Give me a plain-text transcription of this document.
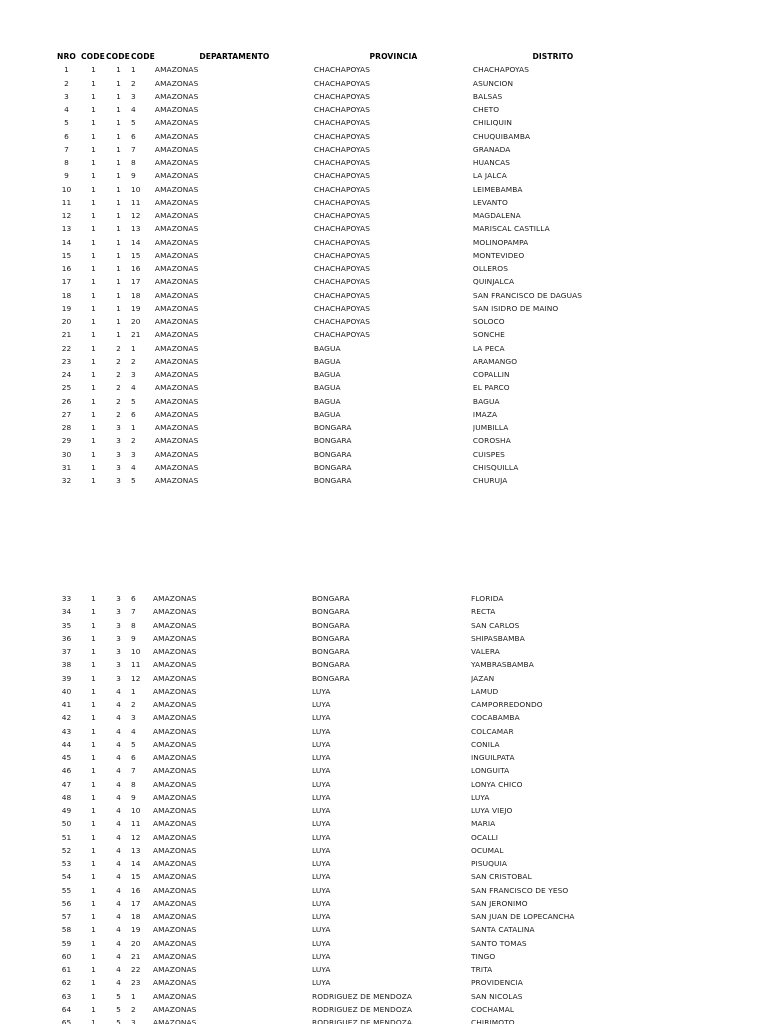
NRO	CODE	CODE	CODE	DEPARTAMENTO	PROVINCIA	DISTRITO
1	1	1	1	AMAZONAS	CHACHAPOYAS	CHACHAPOYAS
2	1	1	2	AMAZONAS	CHACHAPOYAS	ASUNCION
3	1	1	3	AMAZONAS	CHACHAPOYAS	BALSAS
4	1	1	4	AMAZONAS	CHACHAPOYAS	CHETO
5	1	1	5	AMAZONAS	CHACHAPOYAS	CHILIQUIN
6	1	1	6	AMAZONAS	CHACHAPOYAS	CHUQUIBAMBA
7	1	1	7	AMAZONAS	CHACHAPOYAS	GRANADA
8	1	1	8	AMAZONAS	CHACHAPOYAS	HUANCAS
9	1	1	9	AMAZONAS	CHACHAPOYAS	LA JALCA
10	1	1	10	AMAZONAS	CHACHAPOYAS	LEIMEBAMBA
11	1	1	11	AMAZONAS	CHACHAPOYAS	LEVANTO
12	1	1	12	AMAZONAS	CHACHAPOYAS	MAGDALENA
13	1	1	13	AMAZONAS	CHACHAPOYAS	MARISCAL CASTILLA
14	1	1	14	AMAZONAS	CHACHAPOYAS	MOLINOPAMPA
15	1	1	15	AMAZONAS	CHACHAPOYAS	MONTEVIDEO
16	1	1	16	AMAZONAS	CHACHAPOYAS	OLLEROS
17	1	1	17	AMAZONAS	CHACHAPOYAS	QUINJALCA
18	1	1	18	AMAZONAS	CHACHAPOYAS	SAN FRANCISCO DE DAGUAS
19	1	1	19	AMAZONAS	CHACHAPOYAS	SAN ISIDRO DE MAINO
20	1	1	20	AMAZONAS	CHACHAPOYAS	SOLOCO
21	1	1	21	AMAZONAS	CHACHAPOYAS	SONCHE
22	1	2	1	AMAZONAS	BAGUA	LA PECA
23	1	2	2	AMAZONAS	BAGUA	ARAMANGO
24	1	2	3	AMAZONAS	BAGUA	COPALLIN
25	1	2	4	AMAZONAS	BAGUA	EL PARCO
26	1	2	5	AMAZONAS	BAGUA	BAGUA
27	1	2	6	AMAZONAS	BAGUA	IMAZA
28	1	3	1	AMAZONAS	BONGARA	JUMBILLA
29	1	3	2	AMAZONAS	BONGARA	COROSHA
30	1	3	3	AMAZONAS	BONGARA	CUISPES
31	1	3	4	AMAZONAS	BONGARA	CHISQUILLA
32	1	3	5	AMAZONAS	BONGARA	CHURUJA
33	1	3	6	AMAZONAS	BONGARA	FLORIDA
34	1	3	7	AMAZONAS	BONGARA	RECTA
35	1	3	8	AMAZONAS	BONGARA	SAN CARLOS
36	1	3	9	AMAZONAS	BONGARA	SHIPASBAMBA
37	1	3	10	AMAZONAS	BONGARA	VALERA
38	1	3	11	AMAZONAS	BONGARA	YAMBRASBAMBA
39	1	3	12	AMAZONAS	BONGARA	JAZAN
40	1	4	1	AMAZONAS	LUYA	LAMUD
41	1	4	2	AMAZONAS	LUYA	CAMPORREDONDO
42	1	4	3	AMAZONAS	LUYA	COCABAMBA
43	1	4	4	AMAZONAS	LUYA	COLCAMAR
44	1	4	5	AMAZONAS	LUYA	CONILA
45	1	4	6	AMAZONAS	LUYA	INGUILPATA
46	1	4	7	AMAZONAS	LUYA	LONGUITA
47	1	4	8	AMAZONAS	LUYA	LONYA CHICO
48	1	4	9	AMAZONAS	LUYA	LUYA
49	1	4	10	AMAZONAS	LUYA	LUYA VIEJO
50	1	4	11	AMAZONAS	LUYA	MARIA
51	1	4	12	AMAZONAS	LUYA	OCALLI
52	1	4	13	AMAZONAS	LUYA	OCUMAL
53	1	4	14	AMAZONAS	LUYA	PISUQUIA
54	1	4	15	AMAZONAS	LUYA	SAN CRISTOBAL
55	1	4	16	AMAZONAS	LUYA	SAN FRANCISCO DE YESO
56	1	4	17	AMAZONAS	LUYA	SAN JERONIMO
57	1	4	18	AMAZONAS	LUYA	SAN JUAN DE LOPECANCHA
58	1	4	19	AMAZONAS	LUYA	SANTA CATALINA
59	1	4	20	AMAZONAS	LUYA	SANTO TOMAS
60	1	4	21	AMAZONAS	LUYA	TINGO
61	1	4	22	AMAZONAS	LUYA	TRITA
62	1	4	23	AMAZONAS	LUYA	PROVIDENCIA
63	1	5	1	AMAZONAS	RODRIGUEZ DE MENDOZA	SAN NICOLAS
64	1	5	2	AMAZONAS	RODRIGUEZ DE MENDOZA	COCHAMAL
65	1	5	3	AMAZONAS	RODRIGUEZ DE MENDOZA	CHIRIMOTO
